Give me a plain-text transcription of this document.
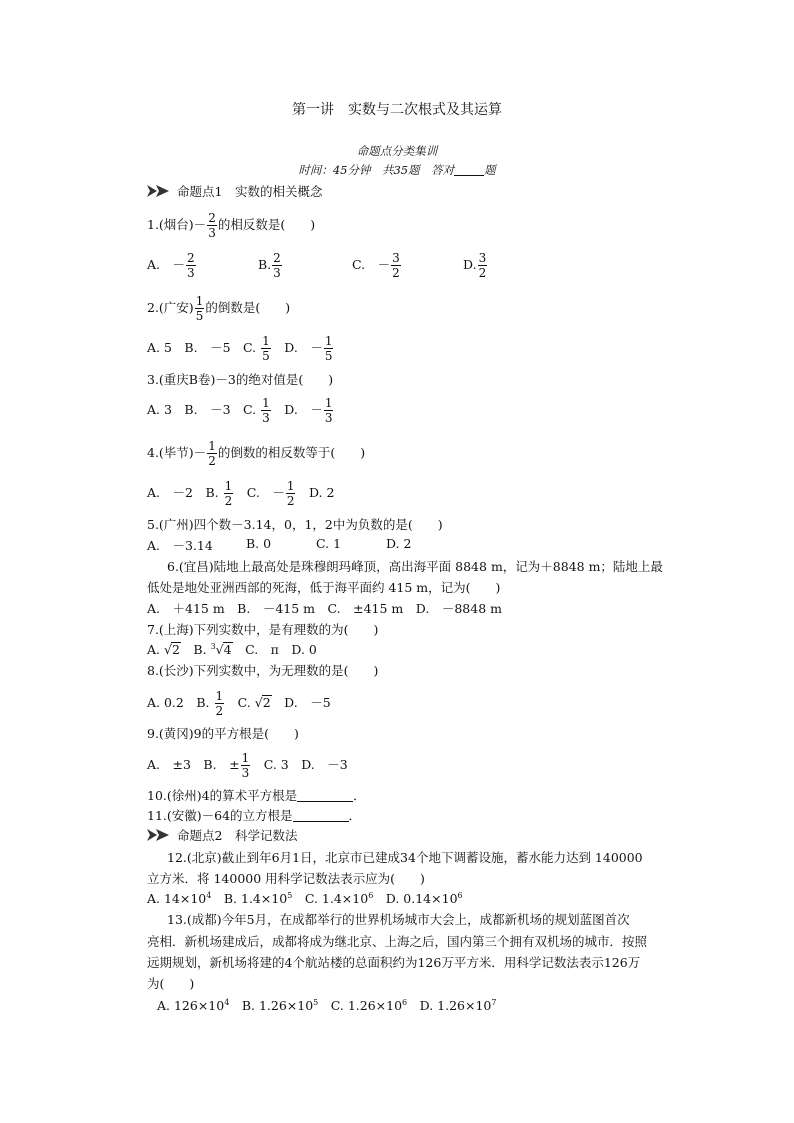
第一讲　实数与二次根式及其运算
命题点分类集训
时间：45分钟　共35题　答对	题
命题点1　实数的相关概念
1.(烟台)－ $\frac{2}{3}$ 的相反数是(　　)
A.　－ $\frac{2}{3}$	B. $\frac{2}{3}$	C.　－ $\frac{3}{2}$	D. $\frac{3}{2}$
2.(广安) $\frac{1}{5}$ 的倒数是(　　)
A. 5　B.　－5　C. $\frac{1}{5}$ 　D.　－ $\frac{1}{5}$
3.(重庆B卷)－3的绝对值是(　　)
A. 3　B.　－3　C. $\frac{1}{3}$ 　D.　－ $\frac{1}{3}$
4.(毕节)－ $\frac{1}{2}$ 的倒数的相反数等于(　　)
A.　－2　B. $\frac{1}{2}$ 　C.　－ $\frac{1}{2}$ 　D. 2
5.(广州)四个数－3.14，0，1，2中为负数的是(　　)
A.　－3.14	B. 0	C. 1	D. 2
6.(宜昌)陆地上最高处是珠穆朗玛峰顶，高出海平面 8848 m，记为＋8848 m；陆地上最
低处是地处亚洲西部的死海，低于海平面约 415 m，记为(　　)
A.　＋415 m　B.　－415 m　C.　±415 m　D.　－8848 m
7.(上海)下列实数中，是有理数的为(　　)
A. √2　B. $^3$√4　C.　π　D. 0
8.(长沙)下列实数中，为无理数的是(　　)
A. 0.2　B. $\frac{1}{2}$ 　C. √2　D.　－5
9.(黄冈)9的平方根是(　　)
A.　±3　B.　± $\frac{1}{3}$ 　C. 3　D.　－3
10.(徐州)4的算术平方根是	．
11.(安徽)－64的立方根是	．
命题点2　科学记数法
12.(北京)截止到年6月1日，北京市已建成34个地下调蓄设施，蓄水能力达到 140000
立方米．将 140000 用科学记数法表示应为(　　)
A. $14\times 10^4$　B. $1.4\times 10^5$　C. $1.4\times 10^6$　D. $0.14\times 10^6$
13.(成都)今年5月，在成都举行的世界机场城市大会上，成都新机场的规划蓝图首次
亮相．新机场建成后，成都将成为继北京、上海之后，国内第三个拥有双机场的城市．按照
远期规划，新机场将建的4个航站楼的总面积约为126万平方米．用科学记数法表示126万
为(　　)
A. $126\times 10^4$　B. $1.26\times 10^5$　C. $1.26\times 10^6$　D. $1.26\times 10^7$
